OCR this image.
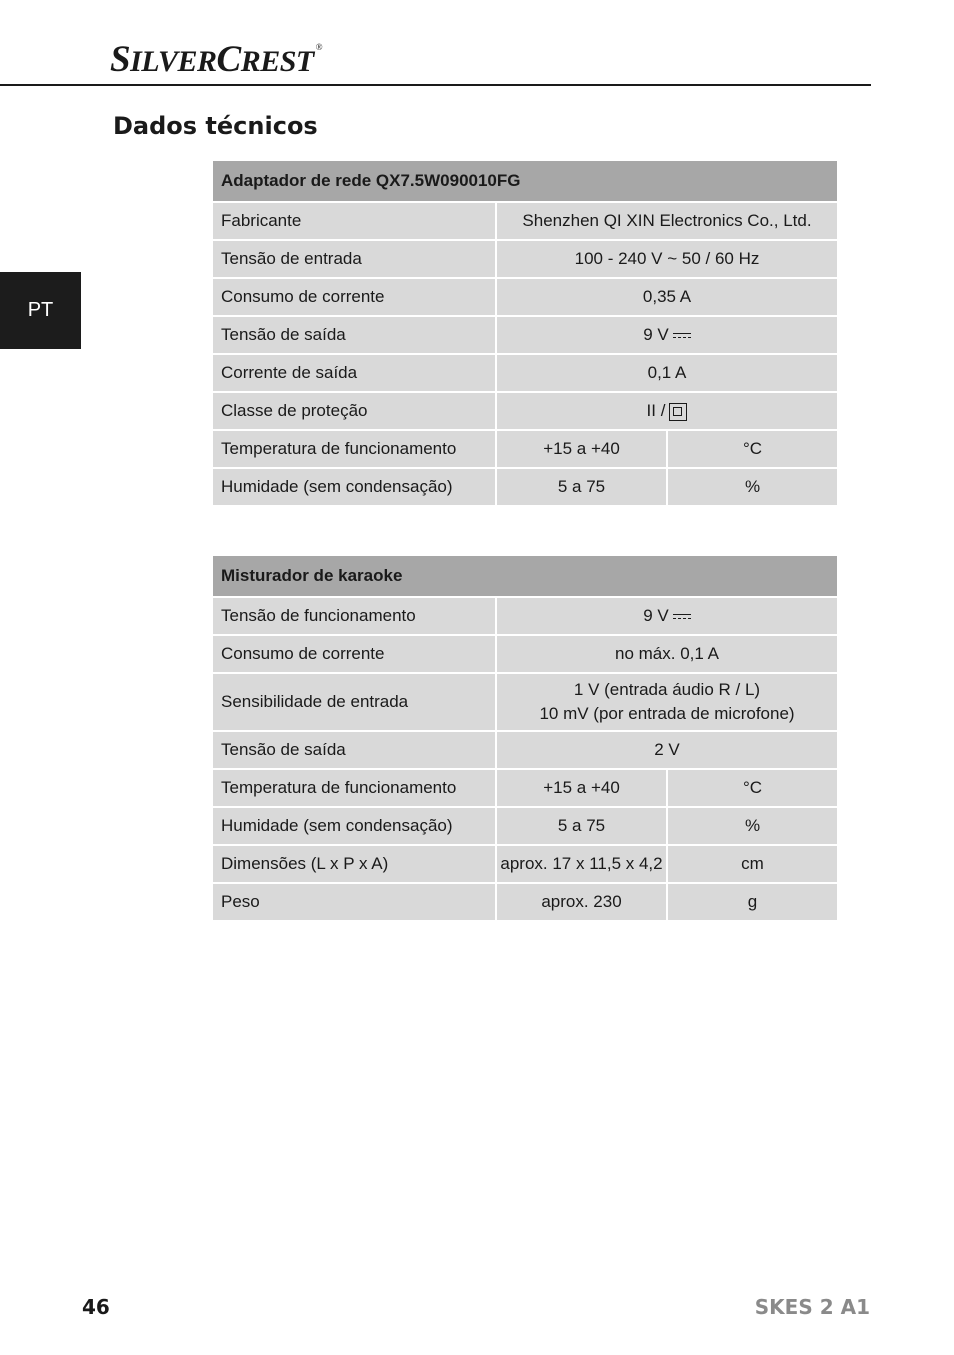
SILVERCREST ®
Dados técnicos
PT
Adaptador de rede QX7.5W090010FG		
Fabricante	Shenzhen QI XIN Electronics Co., Ltd.	
Tensão de entrada	100 - 240 V ~ 50 / 60 Hz	
Consumo de corrente	0,35 A	
Tensão de saída	9 V	
Corrente de saída	0,1 A	
Classe de proteção	II /	
Temperatura de funcionamento	+15 a +40	°C
Humidade (sem condensação)	5 a 75	%
Misturador de karaoke		
Tensão de funcionamento	9 V	
Consumo de corrente	no máx. 0,1 A	
Sensibilidade de entrada	1 V (entrada áudio R / L)
10 mV (por entrada de microfone)	

Tensão de saída	2 V	
Temperatura de funcionamento	+15 a +40	°C
Humidade (sem condensação)	5 a 75	%
Dimensões (L x P x A)	aprox. 17 x 11,5 x 4,2	cm
Peso	aprox. 230	g
46	SKES 2 A1
